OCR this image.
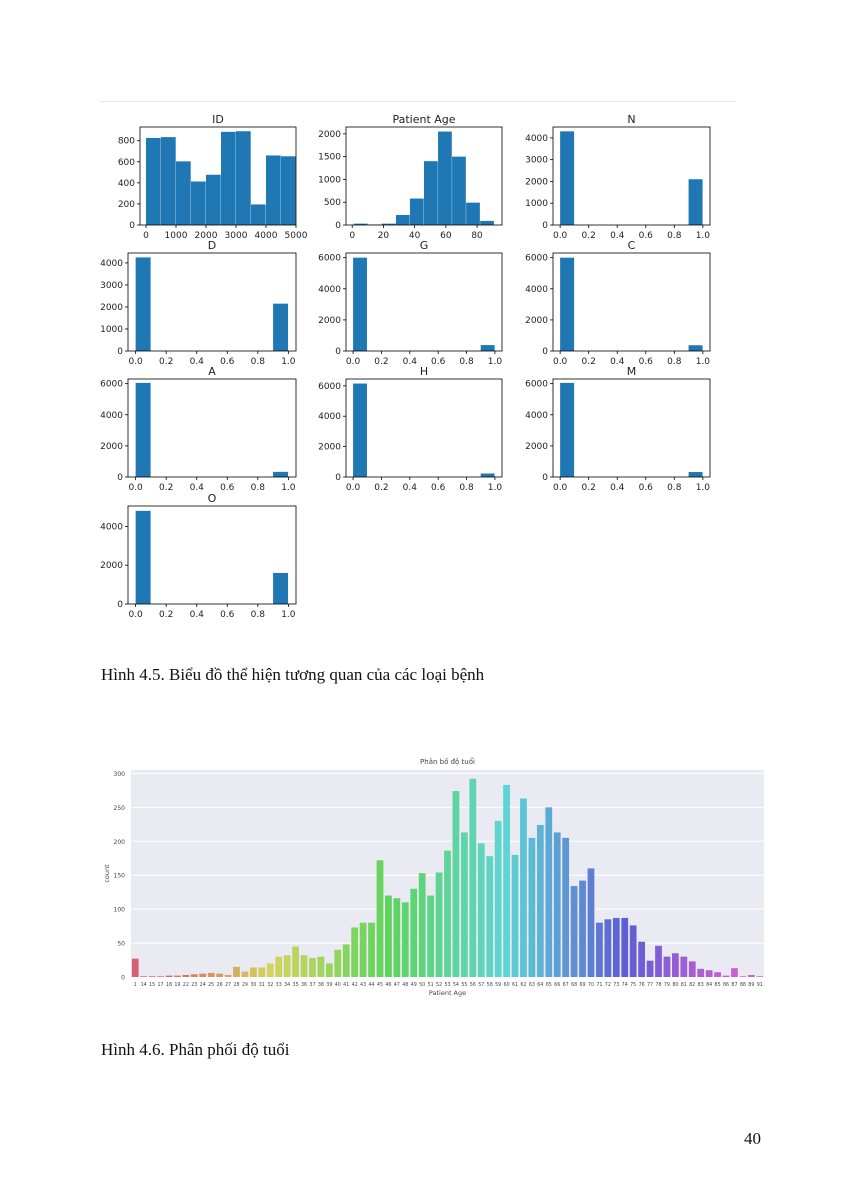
ID
0 1000 2000 3000 4000 5000
0
200
400
600
800
Patient Age
0	20 40 60 80
0
500
1000
1500
2000
N
0.0 0.2 0.4 0.6 0.8 1.0
0
1000
2000
3000
4000
D
0.0 0.2 0.4 0.6 0.8 1.0
0
1000
2000
3000
4000
G
0.0 0.2 0.4 0.6 0.8 1.0
0
2000
4000
6000
C
0.0 0.2 0.4 0.6 0.8 1.0
0
2000
4000
6000
A
0.0 0.2 0.4 0.6 0.8 1.0
0
2000
4000
6000
H
0.0 0.2 0.4 0.6 0.8 1.0
0
2000
4000
6000
M
0.0 0.2 0.4 0.6 0.8 1.0
0
2000
4000
6000
O
0.0 0.2 0.4 0.6 0.8 1.0
0
2000
4000
0
50
100
150
200
250
300
1 14 15 17 18 19 22 23 24 25 26 27 28 29 30 31 32 33 34 35 36 37 38 39 40 41 42 43 44 45 46 47 48 49 50 51 52 53 54 55 56 57 58 59 60 61 62 63 64 65 66 67 68 69 70 71 72 73 74 75 76 77 78 79 80 81 82 83 84 85 86 87 88 89 91
Phân bố độ tuổi
Patient Age
count
Hình 4.5. Biểu đồ thể hiện tương quan của các loại bệnh
Hình 4.6. Phân phối độ tuổi
40
